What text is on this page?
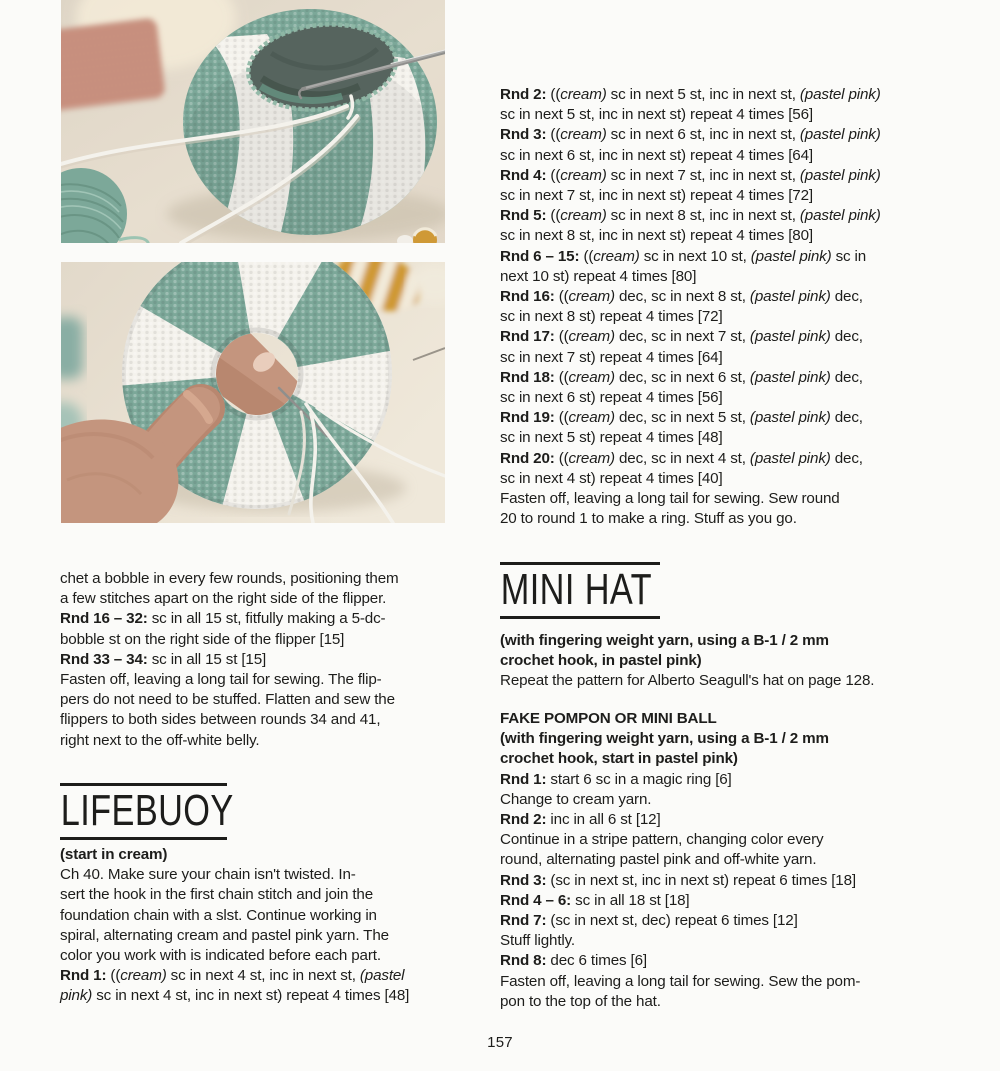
chet a bobble in every few rounds, positioning them
a few stitches apart on the right side of the flipper.
Rnd 16 – 32: sc in all 15 st, fitfully making a 5-dc-
bobble st on the right side of the flipper [15]
Rnd 33 – 34: sc in all 15 st [15]
Fasten off, leaving a long tail for sewing. The flip-
pers do not need to be stuffed. Flatten and sew the
flippers to both sides between rounds 34 and 41,
right next to the off-white belly.
LIFEBUOY
(start in cream)
Ch 40. Make sure your chain isn't twisted. In-
sert the hook in the first chain stitch and join the
foundation chain with a slst. Continue working in
spiral, alternating cream and pastel pink yarn. The
color you work with is indicated before each part.
Rnd 1: ((cream) sc in next 4 st, inc in next st, (pastel
pink) sc in next 4 st, inc in next st) repeat 4 times [48]
Rnd 2: ((cream) sc in next 5 st, inc in next st, (pastel pink)
sc in next 5 st, inc in next st) repeat 4 times [56]
Rnd 3: ((cream) sc in next 6 st, inc in next st, (pastel pink)
sc in next 6 st, inc in next st) repeat 4 times [64]
Rnd 4: ((cream) sc in next 7 st, inc in next st, (pastel pink)
sc in next 7 st, inc in next st) repeat 4 times [72]
Rnd 5: ((cream) sc in next 8 st, inc in next st, (pastel pink)
sc in next 8 st, inc in next st) repeat 4 times [80]
Rnd 6 – 15: ((cream) sc in next 10 st, (pastel pink) sc in
next 10 st) repeat 4 times [80]
Rnd 16: ((cream) dec, sc in next 8 st, (pastel pink) dec,
sc in next 8 st) repeat 4 times [72]
Rnd 17: ((cream) dec, sc in next 7 st, (pastel pink) dec,
sc in next 7 st) repeat 4 times [64]
Rnd 18: ((cream) dec, sc in next 6 st, (pastel pink) dec,
sc in next 6 st) repeat 4 times [56]
Rnd 19: ((cream) dec, sc in next 5 st, (pastel pink) dec,
sc in next 5 st) repeat 4 times [48]
Rnd 20: ((cream) dec, sc in next 4 st, (pastel pink) dec,
sc in next 4 st) repeat 4 times [40]
Fasten off, leaving a long tail for sewing. Sew round
20 to round 1 to make a ring. Stuff as you go.
MINI HAT
(with fingering weight yarn, using a B-1 / 2 mm
crochet hook, in pastel pink)
Repeat the pattern for Alberto Seagull's hat on page 128.
FAKE POMPON OR MINI BALL
(with fingering weight yarn, using a B-1 / 2 mm
crochet hook, start in pastel pink)
Rnd 1: start 6 sc in a magic ring [6]
Change to cream yarn.
Rnd 2: inc in all 6 st [12]
Continue in a stripe pattern, changing color every
round, alternating pastel pink and off-white yarn.
Rnd 3: (sc in next st, inc in next st) repeat 6 times [18]
Rnd 4 – 6: sc in all 18 st [18]
Rnd 7: (sc in next st, dec) repeat 6 times [12]
Stuff lightly.
Rnd 8: dec 6 times [6]
Fasten off, leaving a long tail for sewing. Sew the pom-
pon to the top of the hat.
157
